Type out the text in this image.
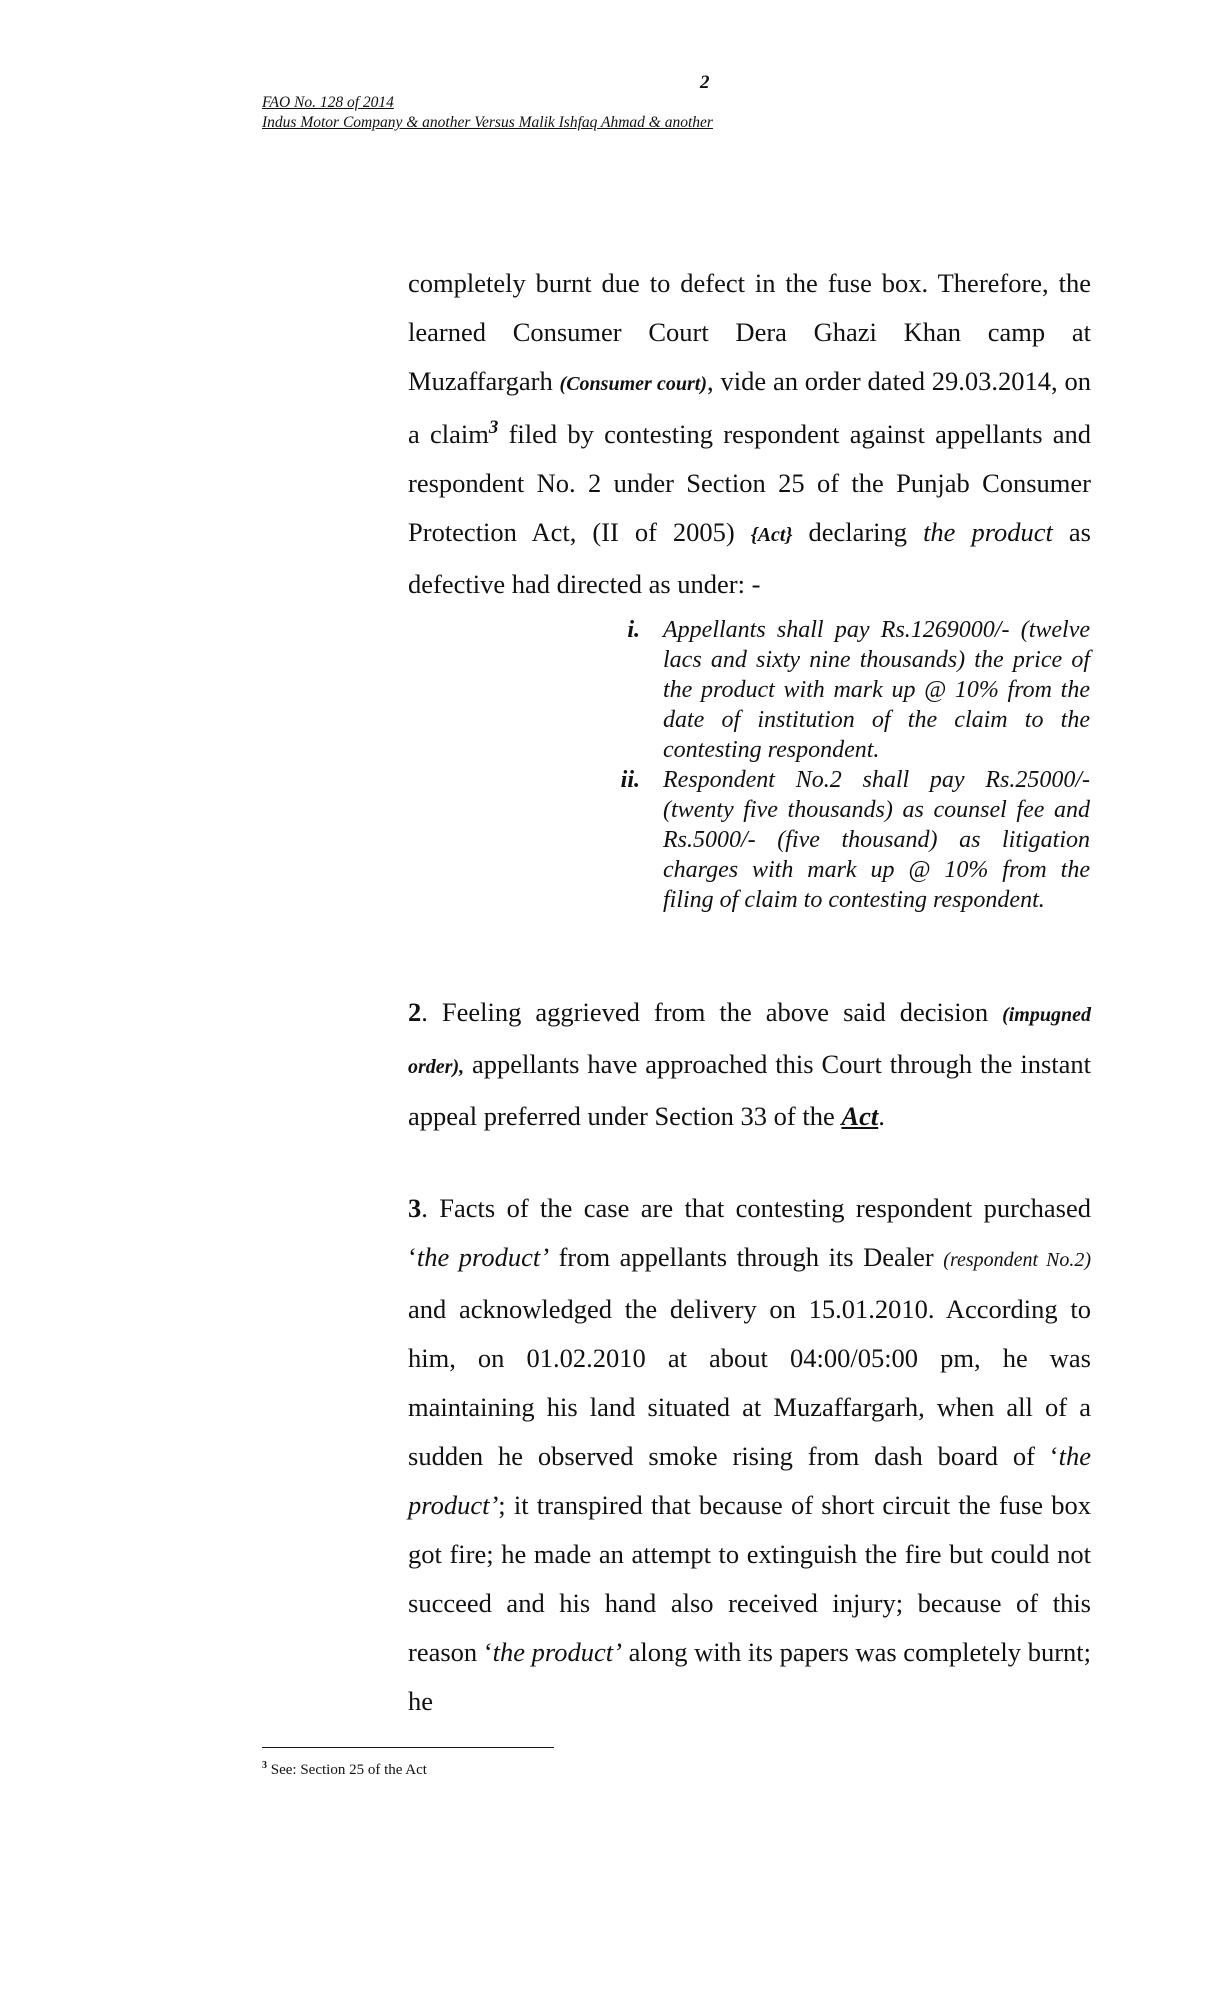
2
FAO No. 128 of 2014
Indus Motor Company & another Versus Malik Ishfaq Ahmad & another
completely burnt due to defect in the fuse box. Therefore, the learned Consumer Court Dera Ghazi Khan camp at Muzaffargarh (Consumer court), vide an order dated 29.03.2014, on a claim$^3$ filed by contesting respondent against appellants and respondent No. 2 under Section 25 of the Punjab Consumer Protection Act, (II of 2005) {Act} declaring the product as defective had directed as under: -
i. Appellants shall pay Rs.1269000/- (twelve lacs and sixty nine thousands) the price of the product with mark up @ 10% from the date of institution of the claim to the contesting respondent.
ii. Respondent No.2 shall pay Rs.25000/- (twenty five thousands) as counsel fee and Rs.5000/- (five thousand) as litigation charges with mark up @ 10% from the filing of claim to contesting respondent.
2. Feeling aggrieved from the above said decision (impugned order), appellants have approached this Court through the instant appeal preferred under Section 33 of the Act.
3. Facts of the case are that contesting respondent purchased ‘the product’ from appellants through its Dealer (respondent No.2) and acknowledged the delivery on 15.01.2010. According to him, on 01.02.2010 at about 04:00/05:00 pm, he was maintaining his land situated at Muzaffargarh, when all of a sudden he observed smoke rising from dash board of ‘the product’; it transpired that because of short circuit the fuse box got fire; he made an attempt to extinguish the fire but could not succeed and his hand also received injury; because of this reason ‘the product’ along with its papers was completely burnt; he
$^3$ See: Section 25 of the Act
